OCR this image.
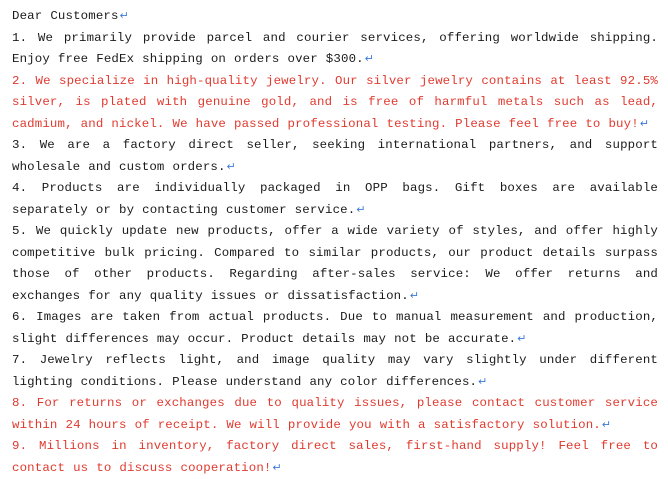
Dear Customers↵
1. We primarily provide parcel and courier services, offering worldwide shipping. Enjoy free FedEx shipping on orders over $300.↵
2. We specialize in high-quality jewelry. Our silver jewelry contains at least 92.5% silver, is plated with genuine gold, and is free of harmful metals such as lead, cadmium, and nickel. We have passed professional testing. Please feel free to buy!↵
3. We are a factory direct seller, seeking international partners, and support wholesale and custom orders.↵
4. Products are individually packaged in OPP bags. Gift boxes are available separately or by contacting customer service.↵
5. We quickly update new products, offer a wide variety of styles, and offer highly competitive bulk pricing. Compared to similar products, our product details surpass those of other products. Regarding after-sales service: We offer returns and exchanges for any quality issues or dissatisfaction.↵
6. Images are taken from actual products. Due to manual measurement and production, slight differences may occur. Product details may not be accurate.↵
7. Jewelry reflects light, and image quality may vary slightly under different lighting conditions. Please understand any color differences.↵
8. For returns or exchanges due to quality issues, please contact customer service within 24 hours of receipt. We will provide you with a satisfactory solution.↵
9. Millions in inventory, factory direct sales, first-hand supply! Feel free to contact us to discuss cooperation!↵
